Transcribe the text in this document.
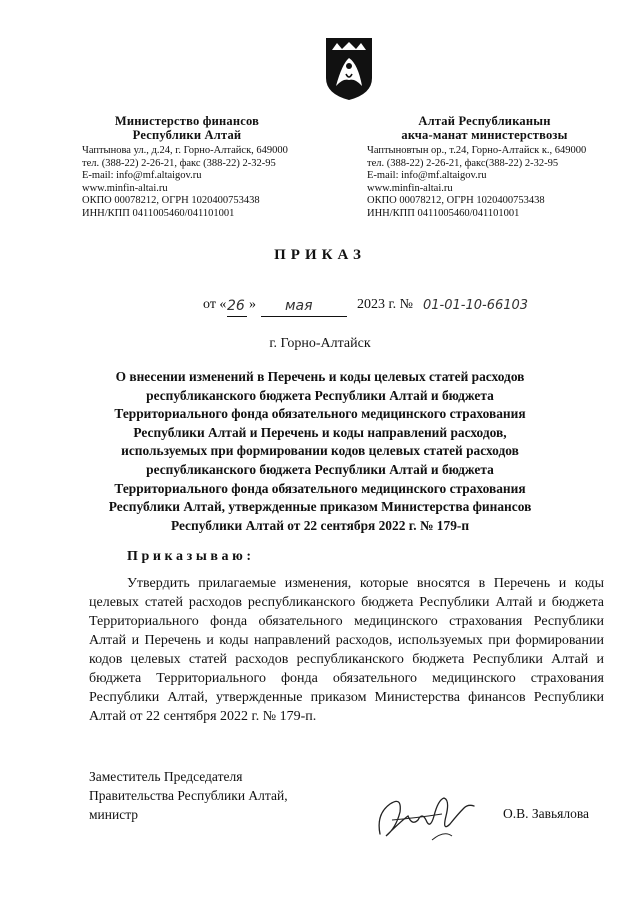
Министерство финансов
Республики Алтай
Чаптынова ул., д.24, г. Горно-Алтайск, 649000
тел. (388-22) 2-26-21, факс (388-22) 2-32-95
E-mail: info@mf.altaigov.ru
www.minfin-altai.ru
ОКПО 00078212, ОГРН 1020400753438
ИНН/КПП 0411005460/041101001
Алтай Республиканын
акча-манат министерствозы
Чаптыновтын ор., т.24, Горно-Алтайск к., 649000
тел. (388-22) 2-26-21, факс(388-22) 2-32-95
E-mail: info@mf.altaigov.ru
www.minfin-altai.ru
ОКПО 00078212, ОГРН 1020400753438
ИНН/КПП 0411005460/041101001
ПРИКАЗ
от « 26 » мая	2023 г. № 01-01-10-66103
г. Горно-Алтайск
О внесении изменений в Перечень и коды целевых статей расходов
республиканского бюджета Республики Алтай и бюджета
Территориального фонда обязательного медицинского страхования
Республики Алтай и Перечень и коды направлений расходов,
используемых при формировании кодов целевых статей расходов
республиканского бюджета Республики Алтай и бюджета
Территориального фонда обязательного медицинского страхования
Республики Алтай, утвержденные приказом Министерства финансов
Республики Алтай от 22 сентября 2022 г. № 179-п
Приказываю:
Утвердить прилагаемые изменения, которые вносятся в Перечень и коды целевых статей расходов республиканского бюджета Республики Алтай и бюджета Территориального фонда обязательного медицинского страхования Республики Алтай и Перечень и коды направлений расходов, используемых при формировании кодов целевых статей расходов республиканского бюджета Республики Алтай и бюджета Территориального фонда обязательного медицинского страхования Республики Алтай, утвержденные приказом Министерства финансов Республики Алтай от 22 сентября 2022 г. № 179-п.
Заместитель Председателя
Правительства Республики Алтай,
министр	О.В. Завьялова
